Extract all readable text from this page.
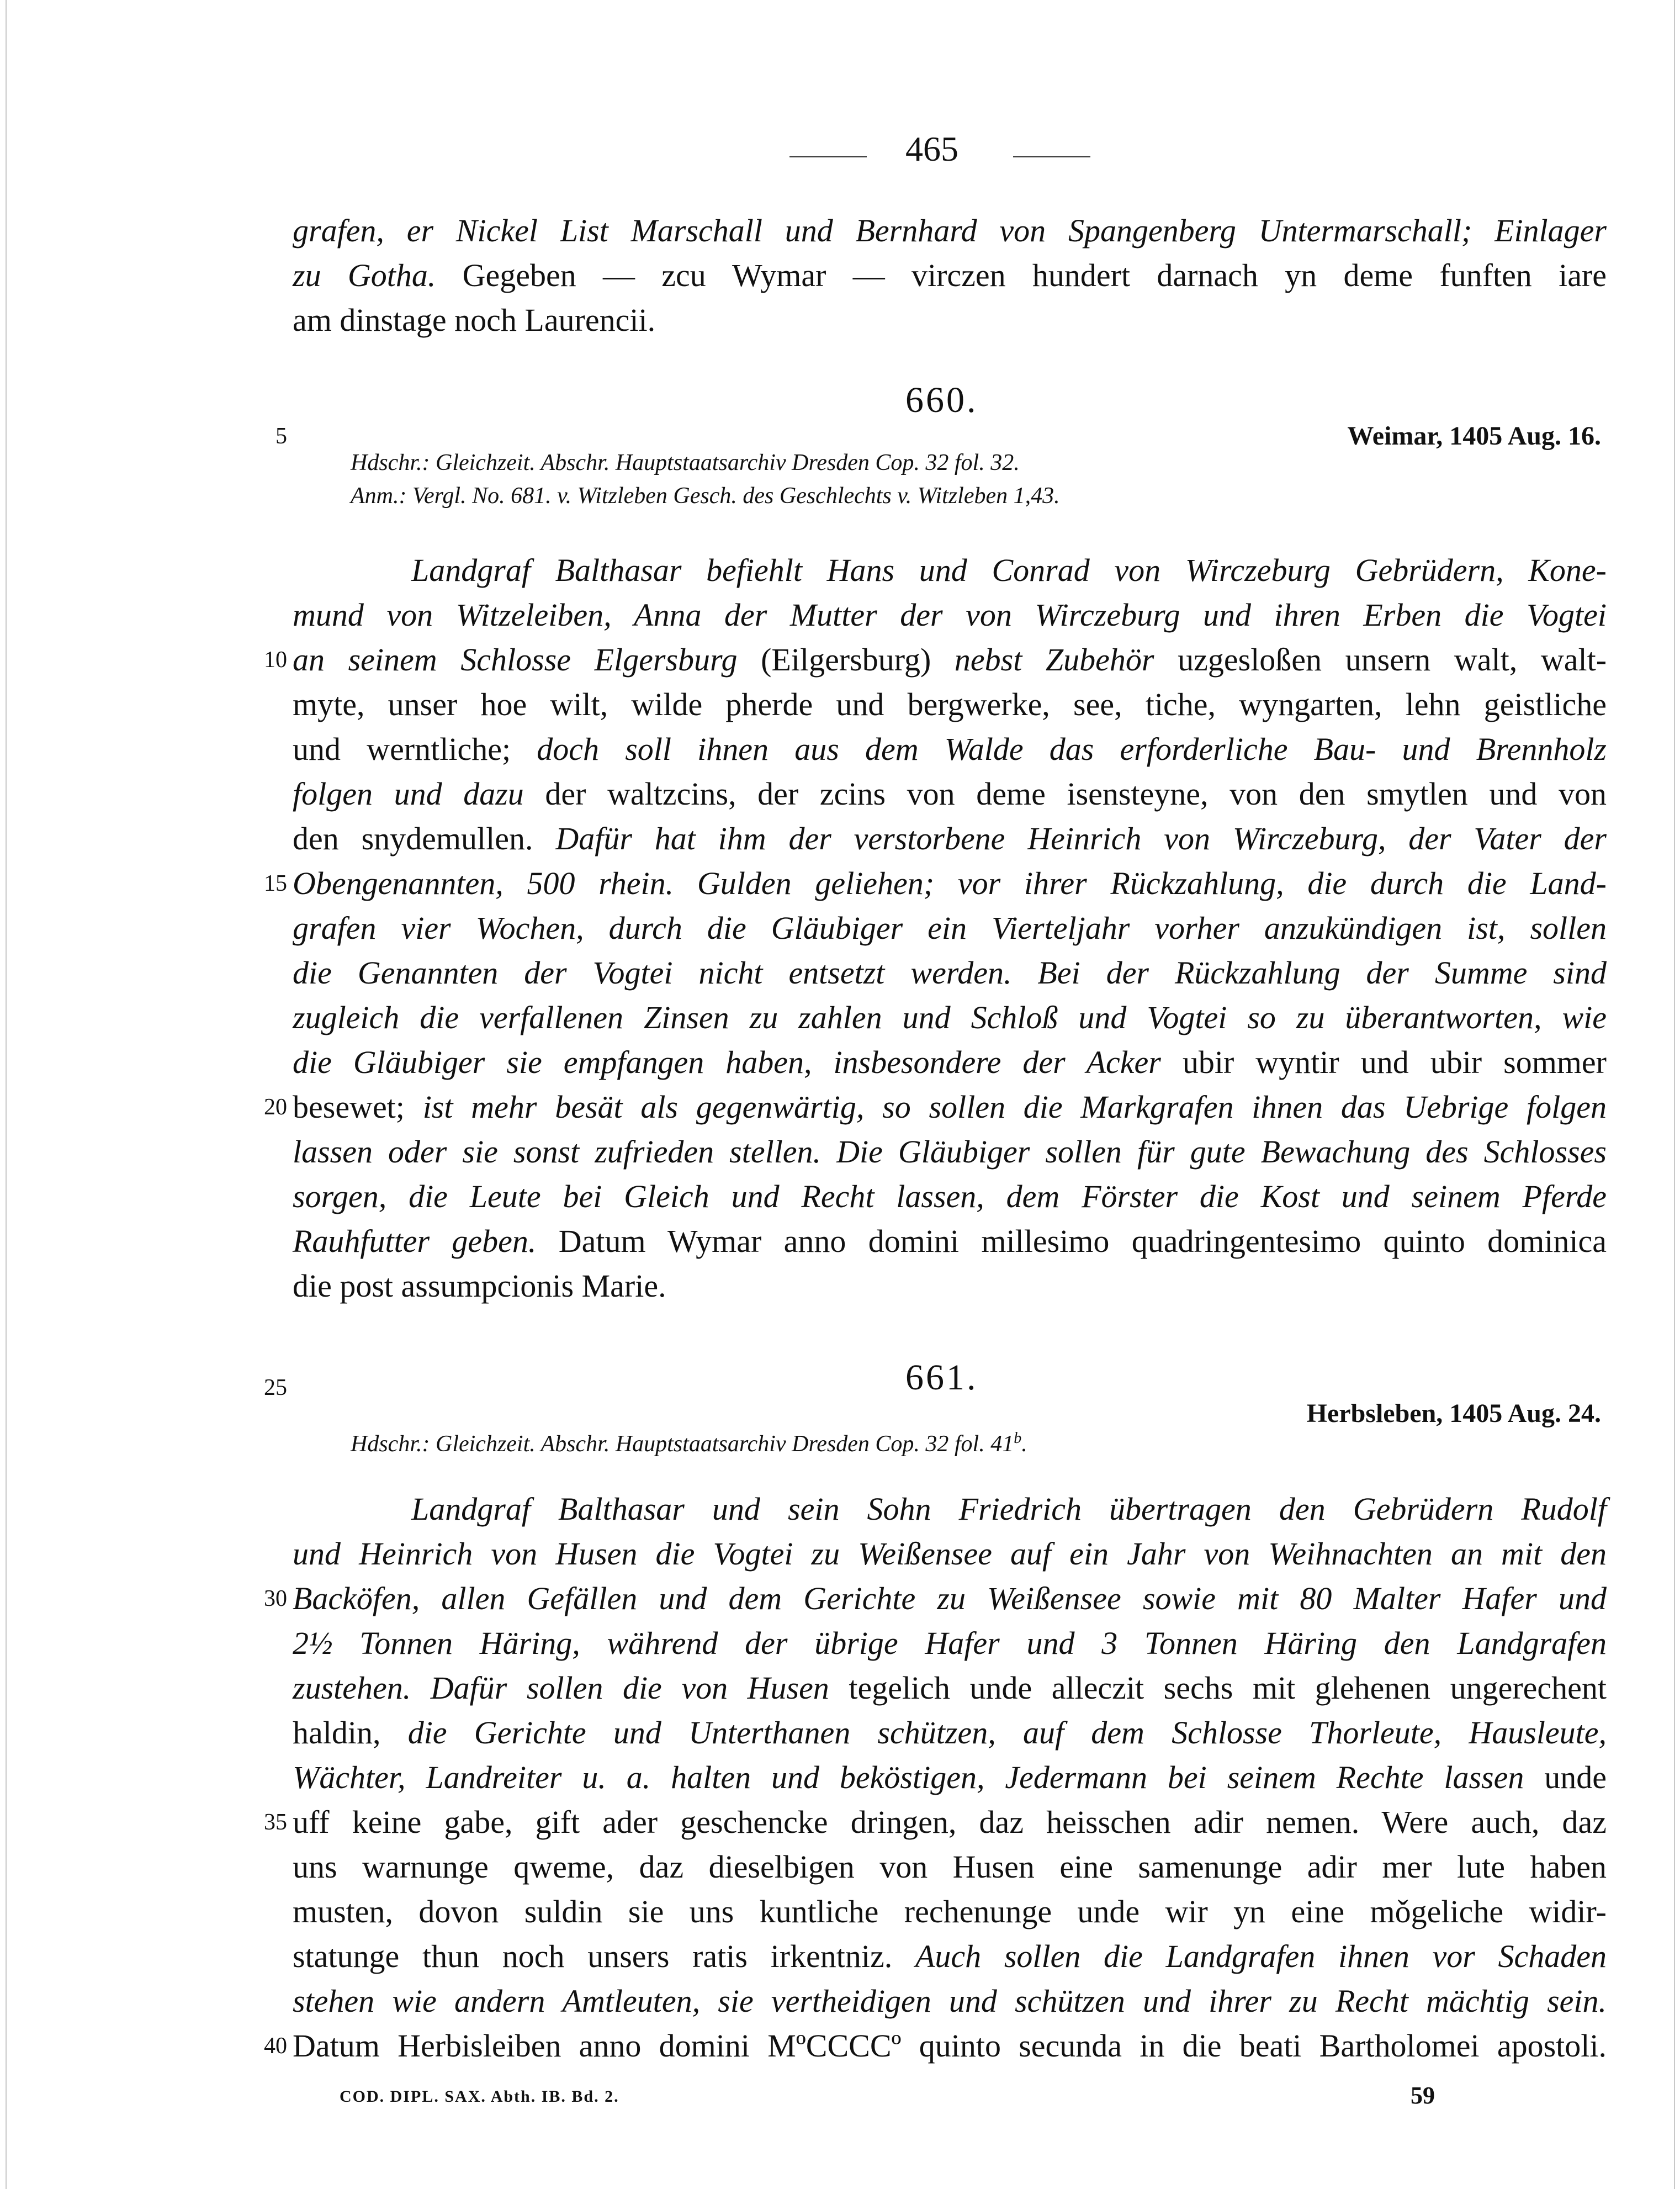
465
grafen, er Nickel List Marschall und Bernhard von Spangenberg Untermarschall; Einlager
zu Gotha. Gegeben — zcu Wymar — virczen hundert darnach yn deme funften iare
am dinstage noch Laurencii.
660.
Weimar, 1405 Aug. 16.
Hdschr.: Gleichzeit. Abschr. Hauptstaatsarchiv Dresden Cop. 32 fol. 32.
Anm.: Vergl. No. 681. v. Witzleben Gesch. des Geschlechts v. Witzleben 1,43.
Landgraf Balthasar befiehlt Hans und Conrad von Wirczeburg Gebrüdern, Kone-
mund von Witzeleiben, Anna der Mutter der von Wirczeburg und ihren Erben die Vogtei
an seinem Schlosse Elgersburg (Eilgersburg) nebst Zubehör uzgesloßen unsern walt, walt-
myte, unser hoe wilt, wilde pherde und bergwerke, see, tiche, wyngarten, lehn geistliche
und werntliche; doch soll ihnen aus dem Walde das erforderliche Bau- und Brennholz
folgen und dazu der waltzcins, der zcins von deme isensteyne, von den smytlen und von
den snydemullen. Dafür hat ihm der verstorbene Heinrich von Wirczeburg, der Vater der
Obengenannten, 500 rhein. Gulden geliehen; vor ihrer Rückzahlung, die durch die Land-
grafen vier Wochen, durch die Gläubiger ein Vierteljahr vorher anzukündigen ist, sollen
die Genannten der Vogtei nicht entsetzt werden. Bei der Rückzahlung der Summe sind
zugleich die verfallenen Zinsen zu zahlen und Schloß und Vogtei so zu überantworten, wie
die Gläubiger sie empfangen haben, insbesondere der Acker ubir wyntir und ubir sommer
besewet; ist mehr besät als gegenwärtig, so sollen die Markgrafen ihnen das Uebrige folgen
lassen oder sie sonst zufrieden stellen. Die Gläubiger sollen für gute Bewachung des Schlosses
sorgen, die Leute bei Gleich und Recht lassen, dem Förster die Kost und seinem Pferde
Rauhfutter geben. Datum Wymar anno domini millesimo quadringentesimo quinto dominica
die post assumpcionis Marie.
661.
Herbsleben, 1405 Aug. 24.
Hdschr.: Gleichzeit. Abschr. Hauptstaatsarchiv Dresden Cop. 32 fol. 41$^b$.
Landgraf Balthasar und sein Sohn Friedrich übertragen den Gebrüdern Rudolf
und Heinrich von Husen die Vogtei zu Weißensee auf ein Jahr von Weihnachten an mit den
Backöfen, allen Gefällen und dem Gerichte zu Weißensee sowie mit 80 Malter Hafer und
2½ Tonnen Häring, während der übrige Hafer und 3 Tonnen Häring den Landgrafen
zustehen. Dafür sollen die von Husen tegelich unde alleczit sechs mit glehenen ungerechent
haldin, die Gerichte und Unterthanen schützen, auf dem Schlosse Thorleute, Hausleute,
Wächter, Landreiter u. a. halten und beköstigen, Jedermann bei seinem Rechte lassen unde
uff keine gabe, gift ader geschencke dringen, daz heisschen adir nemen. Were auch, daz
uns warnunge qweme, daz dieselbigen von Husen eine samenunge adir mer lute haben
musten, dovon suldin sie uns kuntliche rechenunge unde wir yn eine mǒgeliche widir-
statunge thun noch unsers ratis irkentniz. Auch sollen die Landgrafen ihnen vor Schaden
stehen wie andern Amtleuten, sie vertheidigen und schützen und ihrer zu Recht mächtig sein.
Datum Herbisleiben anno domini MºCCCCº quinto secunda in die beati Bartholomei apostoli.
5
10
15
20
25
30
35
40
COD. DIPL. SAX. Abth. IB. Bd. 2.	59
